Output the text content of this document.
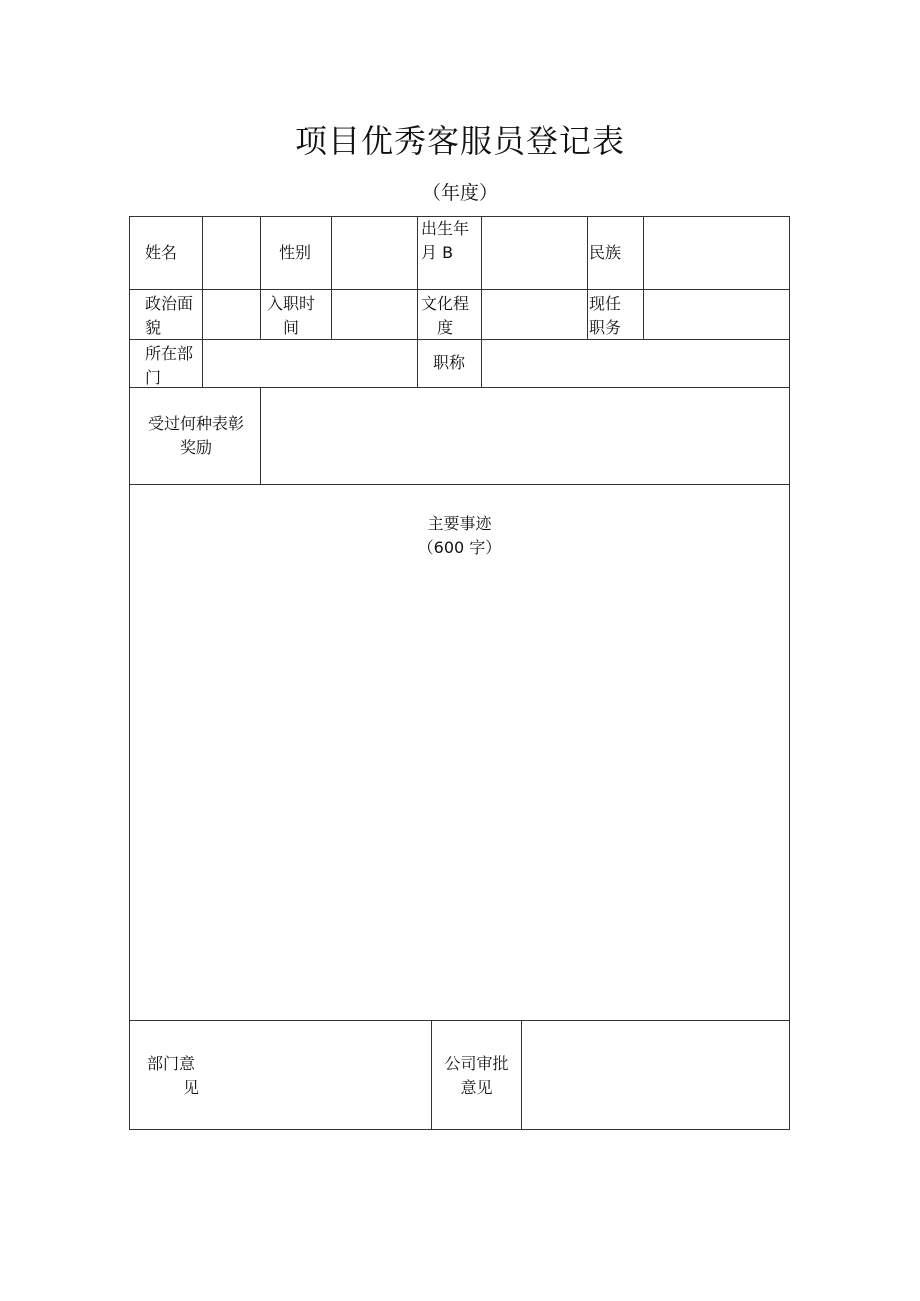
项目优秀客服员登记表
（年度）
姓名	性别
出生年
月 B	民族
政治面
貌
入职时
间
文化程
度
现任
职务
所在部
门
职称
受过何种表彰
奖励
主要事迹
（600 字）
部门意
见
公司审批
意见
